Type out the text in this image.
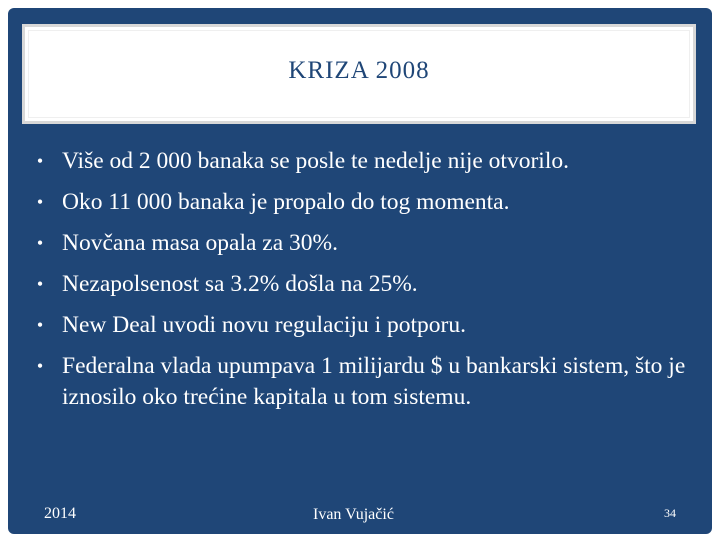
KRIZA 2008
• Više od 2 000 banaka se posle te nedelje nije otvorilo.
• Oko 11 000 banaka je propalo do tog momenta.
• Novčana masa opala za 30%.
• Nezapolsenost sa 3.2% došla na 25%.
• New Deal uvodi novu regulaciju i potporu.
• Federalna vlada upumpava 1 milijardu $ u bankarski sistem, što je iznosilo oko trećine kapitala u tom sistemu.
2014	Ivan Vujačić	34
